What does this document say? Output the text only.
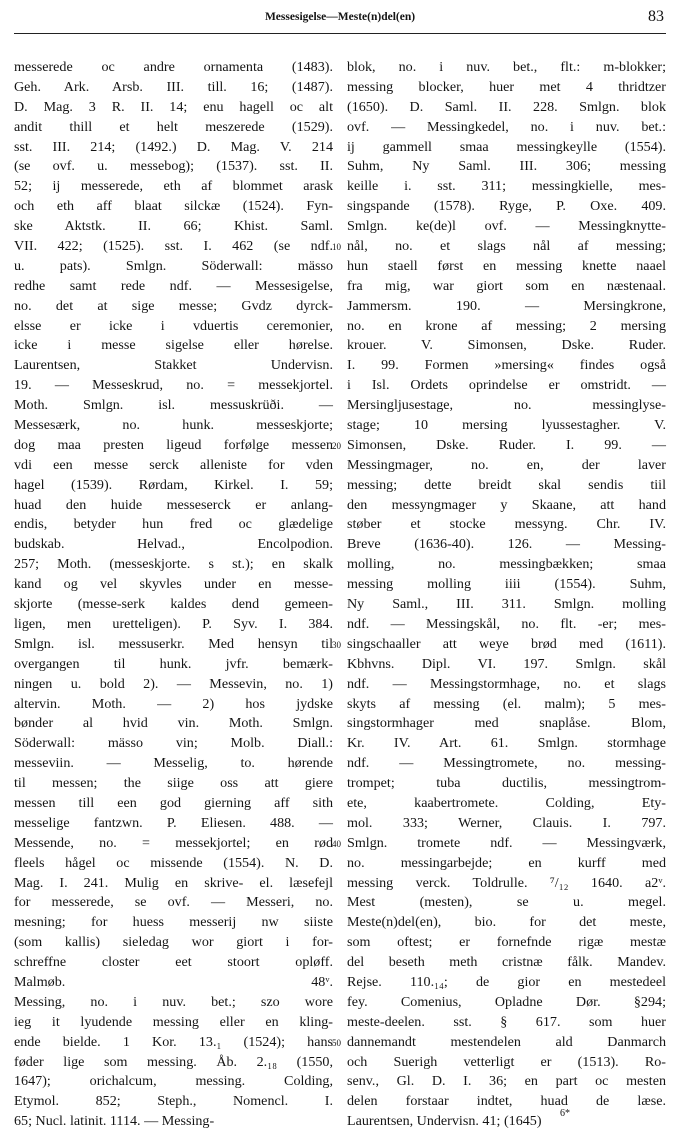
Messesigelse—Meste(n)del(en)	83
messerede oc andre ornamenta (1483).
Geh. Ark. Arsb. III. till. 16; (1487).
D. Mag. 3 R. II. 14; enu hagell oc alt
andit thill et helt meszerede (1529).
sst. III. 214; (1492.) D. Mag. V. 214
(se ovf. u. messebog); (1537). sst. II.
52; ij messerede, eth af blommet arask
och eth aff blaat silckæ (1524). Fyn-
ske Aktstk. II. 66; Khist. Saml.
VII. 422; (1525). sst. I. 462 (se ndf.
u. pats). Smlgn. Söderwall: mässo
redhe samt rede ndf. — Messesigelse,
no. det at sige messe; Gvdz dyrck-
elsse er icke i vduertis ceremonier,
icke i messe sigelse eller hørelse.
Laurentsen, Stakket Undervisn.
19. — Messeskrud, no. = messekjortel.
Moth. Smlgn. isl. messuskrüði. —
Messesærk, no. hunk. messeskjorte;
dog maa presten ligeud forfølge messen
vdi een messe serck alleniste for vden
hagel (1539). Rørdam, Kirkel. I. 59;
huad den huide messeserck er anlang-
endis, betyder hun fred oc glædelige
budskab. Helvad., Encolpodion.
257; Moth. (messeskjorte. s st.); en skalk
kand og vel skyvles under en messe-
skjorte (messe-serk kaldes dend gemeen-
ligen, men uretteligen). P. Syv. I. 384.
Smlgn. isl. messuserkr. Med hensyn til
overgangen til hunk. jvfr. bemærk-
ningen u. bold 2). — Messevin, no. 1)
altervin. Moth. — 2) hos jydske
bønder al hvid vin. Moth. Smlgn.
Söderwall: mässo vin; Molb. Diall.:
messeviin. — Messelig, to. hørende
til messen; the siige oss att giere
messen till een god gierning aff sith
messelige fantzwn. P. Eliesen. 488. —
Messende, no. = messekjortel; en rød
fleels hågel oc missende (1554). N. D.
Mag. I. 241. Mulig en skrive- el. læsefejl
for messerede, se ovf. — Messeri, no.
mesning; for huess messerij nw siiste
(som kallis) sieledag wor giort i for-
schreffne closter eet stoort opløff.
Malmøb. 48ᵛ.
Messing, no. i nuv. bet.; szo wore
ieg it lyudende messing eller en kling-
ende bielde. 1 Kor. 13.₁ (1524); hans
føder lige som messing. Åb. 2.₁₈ (1550,
1647); orichalcum, messing. Colding,
Etymol. 852; Steph., Nomencl. I.
65; Nucl. latinit. 1114. — Messing-
10
20
30
40
50
blok, no. i nuv. bet., flt.: m-blokker;
messing blocker, huer met 4 thridtzer
(1650). D. Saml. II. 228. Smlgn. blok
ovf. — Messingkedel, no. i nuv. bet.:
ij gammell smaa messingkeylle (1554).
Suhm, Ny Saml. III. 306; messing
keille i. sst. 311; messingkielle, mes-
singspande (1578). Ryge, P. Oxe. 409.
Smlgn. ke(de)l ovf. — Messingknytte-
nål, no. et slags nål af messing;
hun staell først en messing knette naael
fra mig, war giort som en næstenaal.
Jammersm. 190. — Mersingkrone,
no. en krone af messing; 2 mersing
krouer. V. Simonsen, Dske. Ruder.
I. 99. Formen »mersing« findes også
i Isl. Ordets oprindelse er omstridt. —
Mersingljusestage, no. messinglyse-
stage; 10 mersing lyussestagher. V.
Simonsen, Dske. Ruder. I. 99. —
Messingmager, no. en, der laver
messing; dette breidt skal sendis tiil
den messyngmager y Skaane, att hand
støber et stocke messyng. Chr. IV.
Breve (1636-40). 126. — Messing-
molling, no. messingbækken; smaa
messing molling iiii (1554). Suhm,
Ny Saml., III. 311. Smlgn. molling
ndf. — Messingskål, no. flt. -er; mes-
singschaaller att weye brød med (1611).
Kbhvns. Dipl. VI. 197. Smlgn. skål
ndf. — Messingstormhage, no. et slags
skyts af messing (el. malm); 5 mes-
singstormhager med snaplåse. Blom,
Kr. IV. Art. 61. Smlgn. stormhage
ndf. — Messingtromete, no. messing-
trompet; tuba ductilis, messingtrom-
ete, kaabertromete. Colding, Ety-
mol. 333; Werner, Clauis. I. 797.
Smlgn. tromete ndf. — Messingværk,
no. messingarbejde; en kurff med
messing verck. Toldrulle. ⁷/₁₂ 1640. a2ᵛ.
Mest (mesten), se u. megel.
Meste(n)del(en), bio. for det meste,
som oftest; er fornefnde rigæ mestæ
del beseth meth cristnæ fålk. Mandev.
Rejse. 110.₁₄; de gior en mestedeel
fey. Comenius, Opladne Dør. §294;
meste-deelen. sst. § 617. som huer
dannemandt mestendelen ald Danmarch
och Suerigh vetterligt er (1513). Ro-
senv., Gl. D. I. 36; en part oc mesten
delen forstaar indtet, huad de læse.
Laurentsen, Undervisn. 41; (1645)	6*
